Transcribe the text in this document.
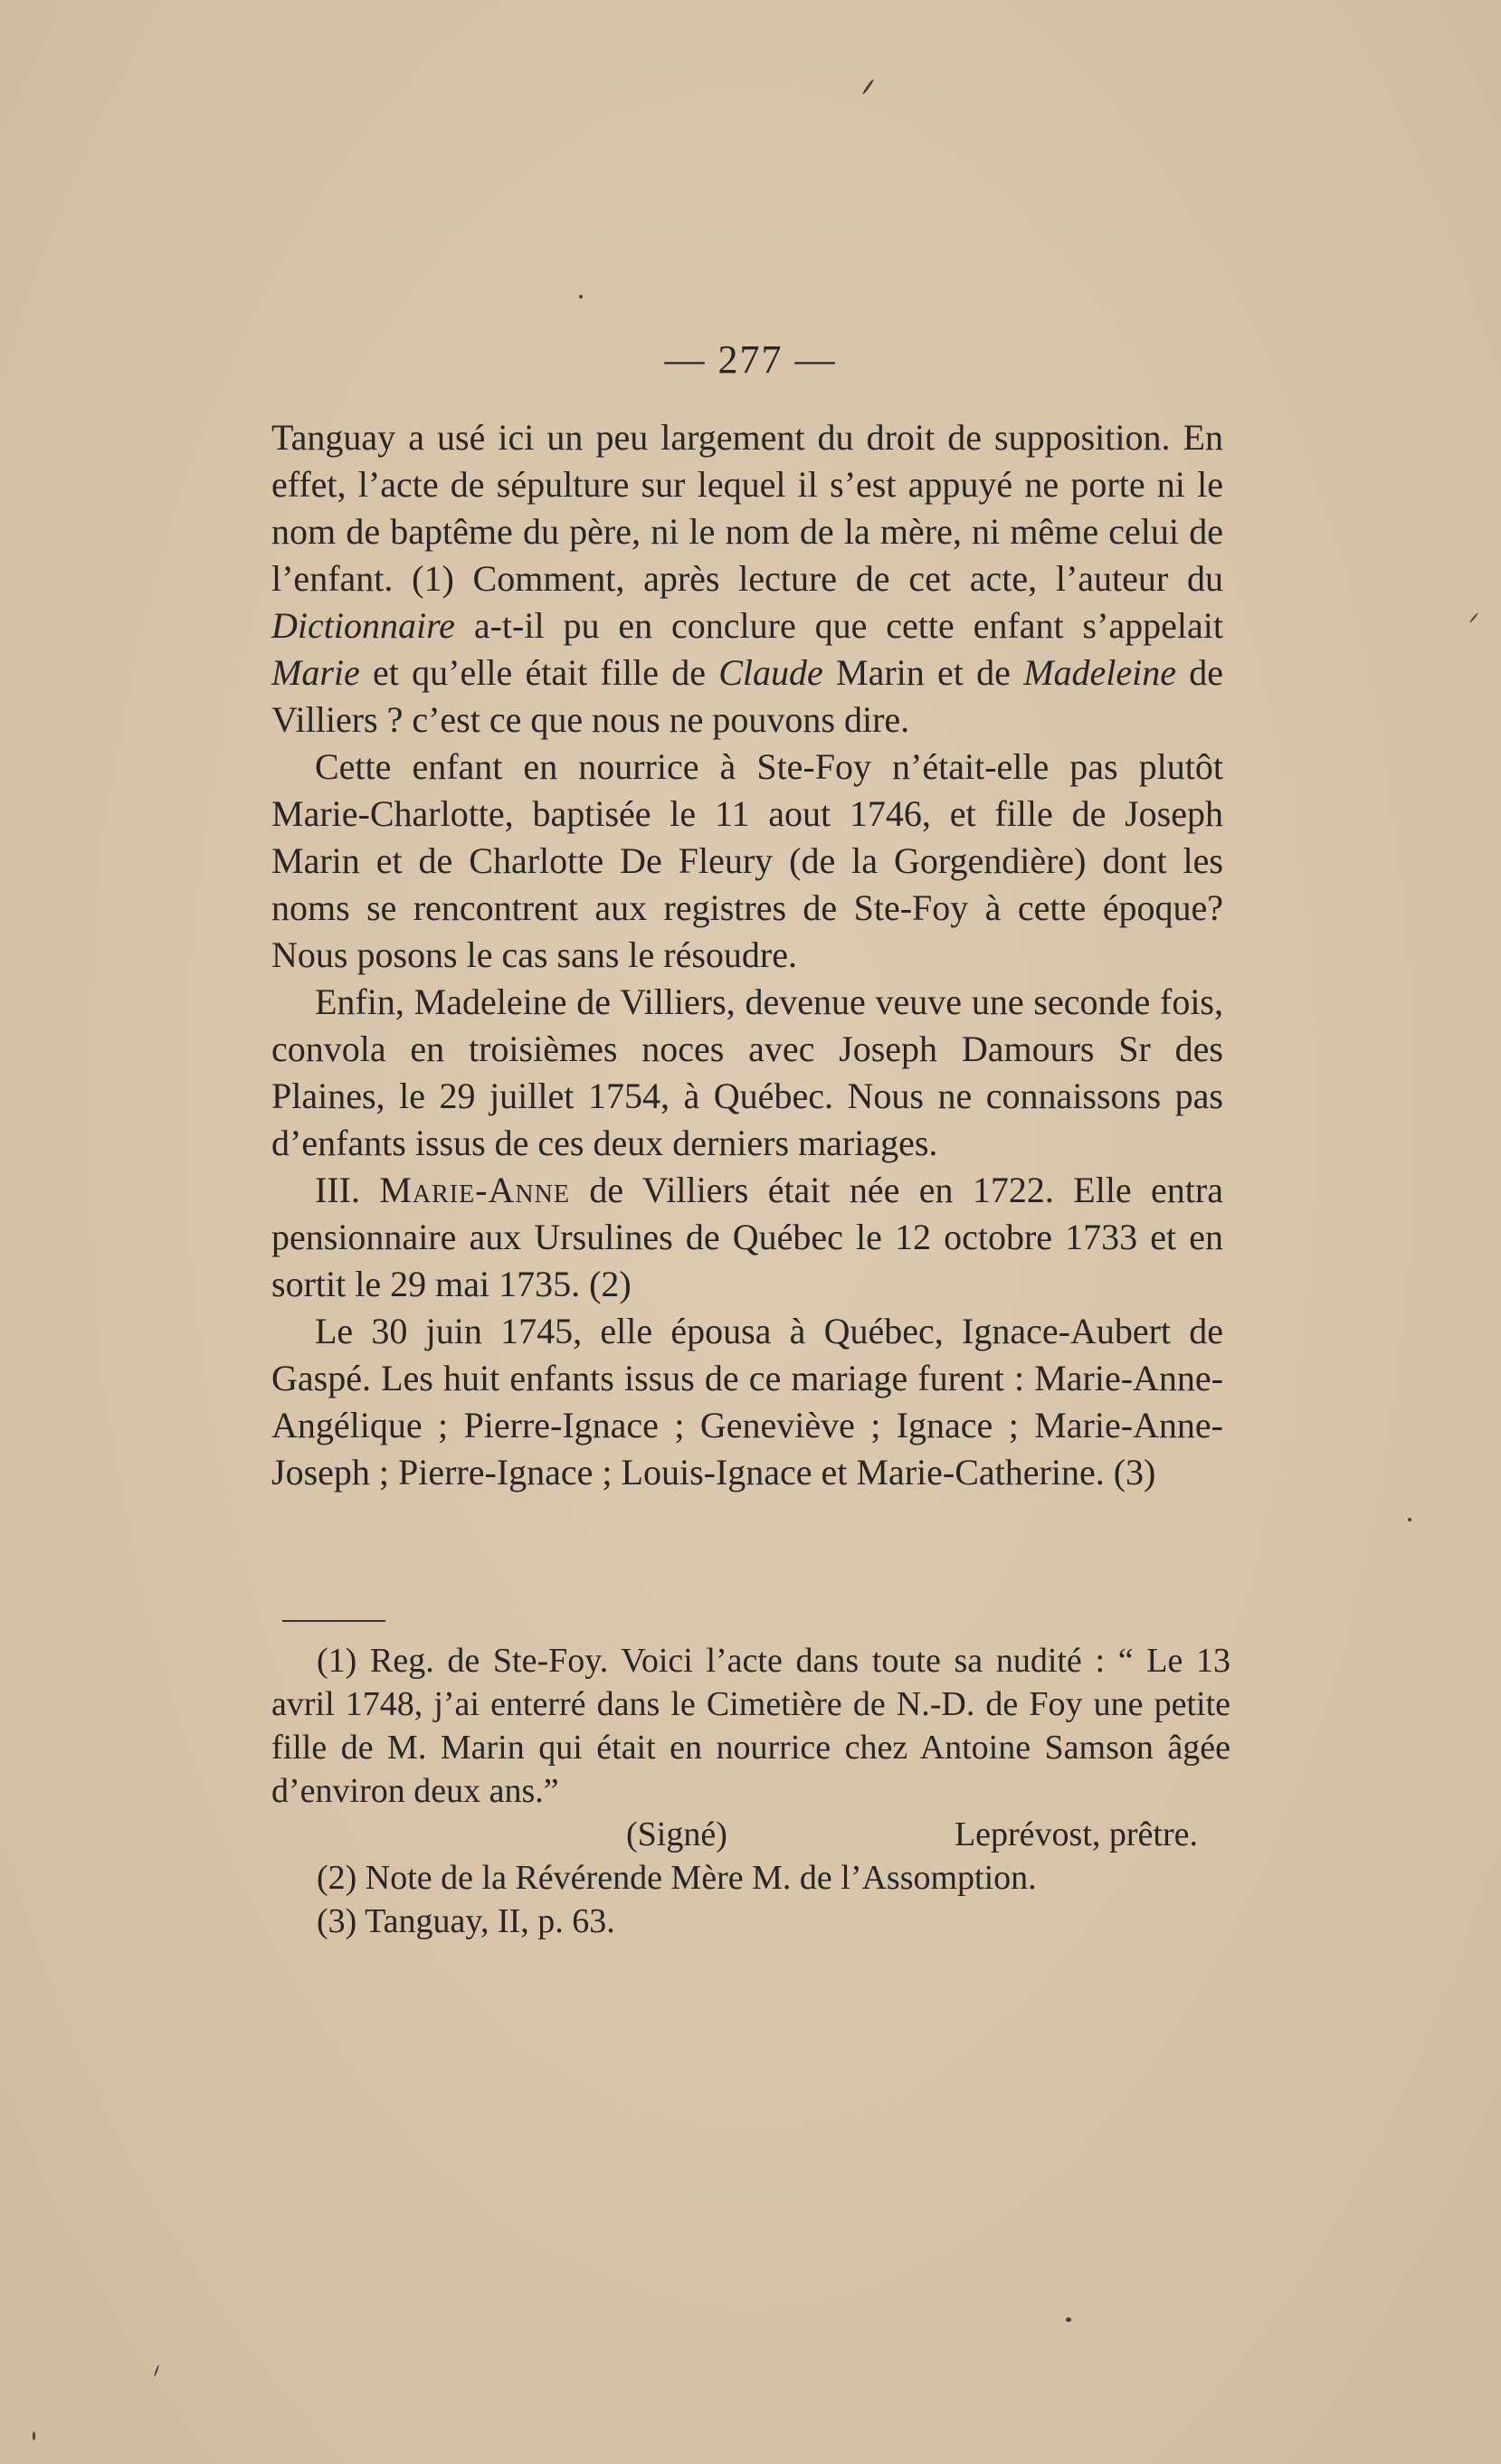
— 277 —

Tanguay a usé ici un peu largement du droit de supposition. En effet, l’acte de sépulture sur lequel il s’est appuyé ne porte ni le nom de baptême du père, ni le nom de la mère, ni même celui de l’enfant. (1) Comment, après lecture de cet acte, l’auteur du Dictionnaire a-t-il pu en conclure que cette enfant s’appelait Marie et qu’elle était fille de Claude Marin et de Madeleine de Villiers ? c’est ce que nous ne pouvons dire.

Cette enfant en nourrice à Ste-Foy n’était-elle pas plutôt Marie-Charlotte, baptisée le 11 aout 1746, et fille de Joseph Marin et de Charlotte De Fleury (de la Gorgendière) dont les noms se rencontrent aux registres de Ste-Foy à cette époque? Nous posons le cas sans le résoudre.

Enfin, Madeleine de Villiers, devenue veuve une seconde fois, convola en troisièmes noces avec Joseph Damours Sr des Plaines, le 29 juillet 1754, à Québec. Nous ne connaissons pas d’enfants issus de ces deux derniers mariages.

III. Marie-Anne de Villiers était née en 1722. Elle entra pensionnaire aux Ursulines de Québec le 12 octobre 1733 et en sortit le 29 mai 1735. (2)

Le 30 juin 1745, elle épousa à Québec, Ignace-Aubert de Gaspé. Les huit enfants issus de ce mariage furent : Marie-Anne-Angélique ; Pierre-Ignace ; Geneviève ; Ignace ; Marie-Anne-Joseph ; Pierre-Ignace ; Louis-Ignace et Marie-Catherine. (3)

(1) Reg. de Ste-Foy. Voici l’acte dans toute sa nudité : “ Le 13 avril 1748, j’ai enterré dans le Cimetière de N.-D. de Foy une petite fille de M. Marin qui était en nourrice chez Antoine Samson âgée d’environ deux ans.”

(Signé)	Leprévost, prêtre.

(2) Note de la Révérende Mère M. de l’Assomption.

(3) Tanguay, II, p. 63.
